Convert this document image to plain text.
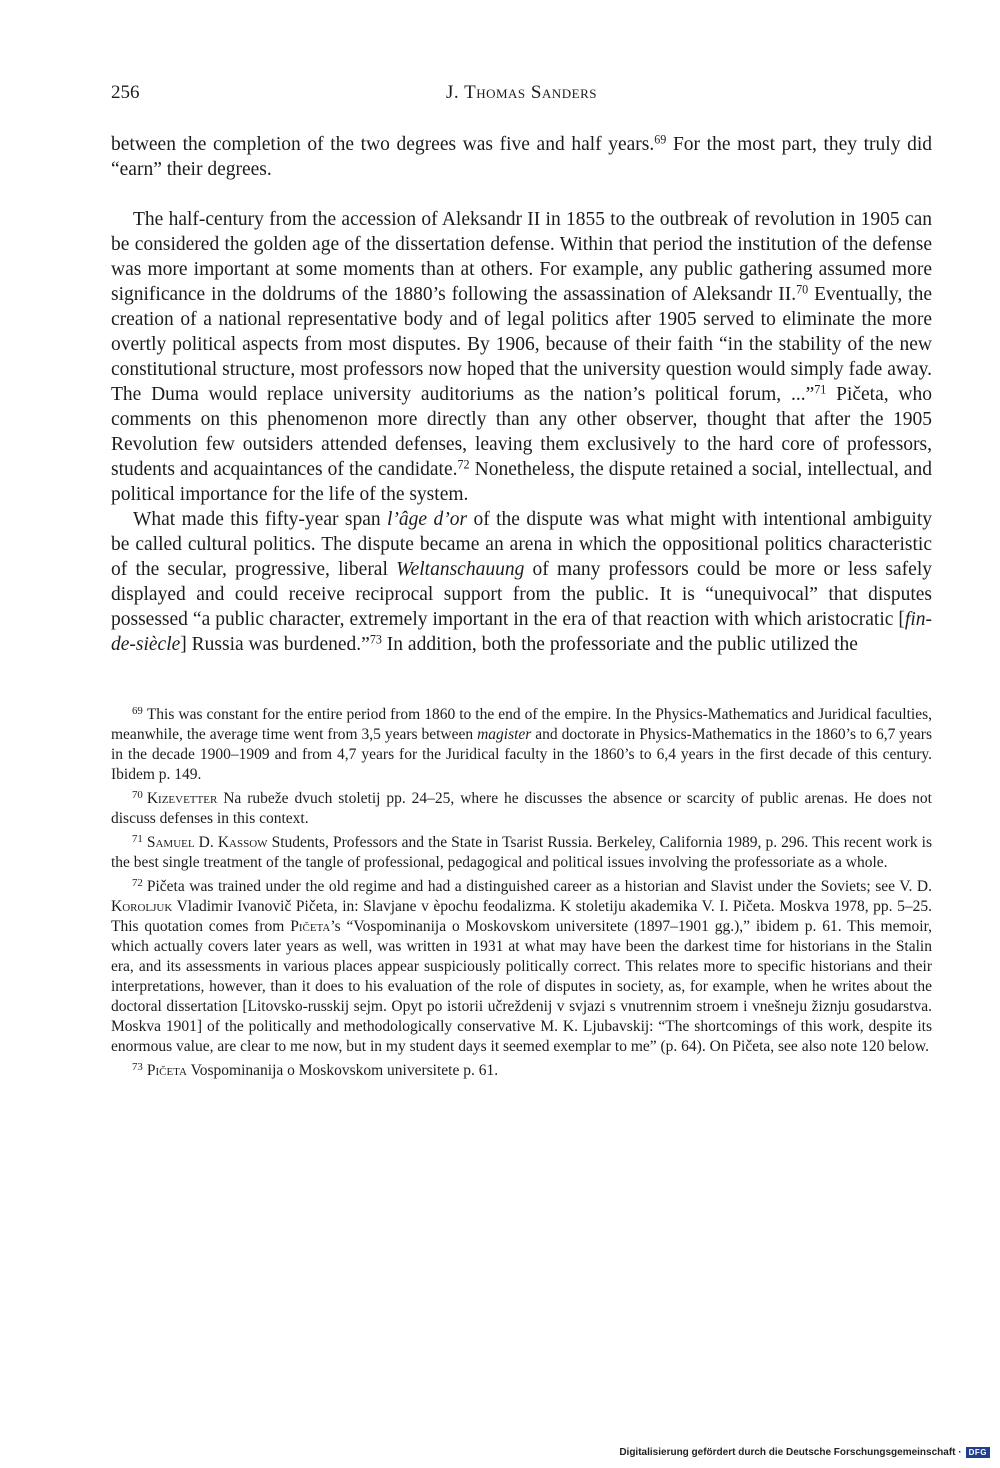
256	J. Thomas Sanders

between the completion of the two degrees was five and half years.$^{69}$ For the most part, they truly did “earn” their degrees.

The half-century from the accession of Aleksandr II in 1855 to the outbreak of revolution in 1905 can be considered the golden age of the dissertation defense. Within that period the institution of the defense was more important at some moments than at others. For example, any public gathering assumed more significance in the doldrums of the 1880’s following the assassination of Aleksandr II.$^{70}$ Eventually, the creation of a national representative body and of legal politics after 1905 served to eliminate the more overtly political aspects from most disputes. By 1906, because of their faith “in the stability of the new constitutional structure, most professors now hoped that the university question would simply fade away. The Duma would replace university auditoriums as the nation’s political forum, ...”$^{71}$ Pičeta, who comments on this phenomenon more directly than any other observer, thought that after the 1905 Revolution few outsiders attended defenses, leaving them exclusively to the hard core of professors, students and acquaintances of the candidate.$^{72}$ Nonetheless, the dispute retained a social, intellectual, and political importance for the life of the system.

What made this fifty-year span l’âge d’or of the dispute was what might with intentional ambiguity be called cultural politics. The dispute became an arena in which the oppositional politics characteristic of the secular, progressive, liberal Weltanschauung of many professors could be more or less safely displayed and could receive reciprocal support from the public. It is “unequivocal” that disputes possessed “a public character, extremely important in the era of that reaction with which aristocratic [fin-de-siècle] Russia was burdened.”$^{73}$ In addition, both the professoriate and the public utilized the

$^{69}$ This was constant for the entire period from 1860 to the end of the empire. In the Physics-Mathematics and Juridical faculties, meanwhile, the average time went from 3,5 years between magister and doctorate in Physics-Mathematics in the 1860’s to 6,7 years in the decade 1900–1909 and from 4,7 years for the Juridical faculty in the 1860’s to 6,4 years in the first decade of this century. Ibidem p. 149.

$^{70}$ Kizevetter Na rubeže dvuch stoletij pp. 24–25, where he discusses the absence or scarcity of public arenas. He does not discuss defenses in this context.

$^{71}$ Samuel D. Kassow Students, Professors and the State in Tsarist Russia. Berkeley, California 1989, p. 296. This recent work is the best single treatment of the tangle of professional, pedagogical and political issues involving the professoriate as a whole.

$^{72}$ Pičeta was trained under the old regime and had a distinguished career as a historian and Slavist under the Soviets; see V. D. Koroljuk Vladimir Ivanovič Pičeta, in: Slavjane v èpochu feodalizma. K stoletiju akademika V. I. Pičeta. Moskva 1978, pp. 5–25. This quotation comes from Pičeta’s “Vospominanija o Moskovskom universitete (1897–1901 gg.),” ibidem p. 61. This memoir, which actually covers later years as well, was written in 1931 at what may have been the darkest time for historians in the Stalin era, and its assessments in various places appear suspiciously politically correct. This relates more to specific historians and their interpretations, however, than it does to his evaluation of the role of disputes in society, as, for example, when he writes about the doctoral dissertation [Litovsko-russkij sejm. Opyt po istorii učreždenij v svjazi s vnutrennim stroem i vnešneju žiznju gosudarstva. Moskva 1901] of the politically and methodologically conservative M. K. Ljubavskij: “The shortcomings of this work, despite its enormous value, are clear to me now, but in my student days it seemed exemplar to me” (p. 64). On Pičeta, see also note 120 below.

$^{73}$ Pičeta Vospominanija o Moskovskom universitete p. 61.

Digitalisierung gefördert durch die Deutsche Forschungsgemeinschaft · DFG
